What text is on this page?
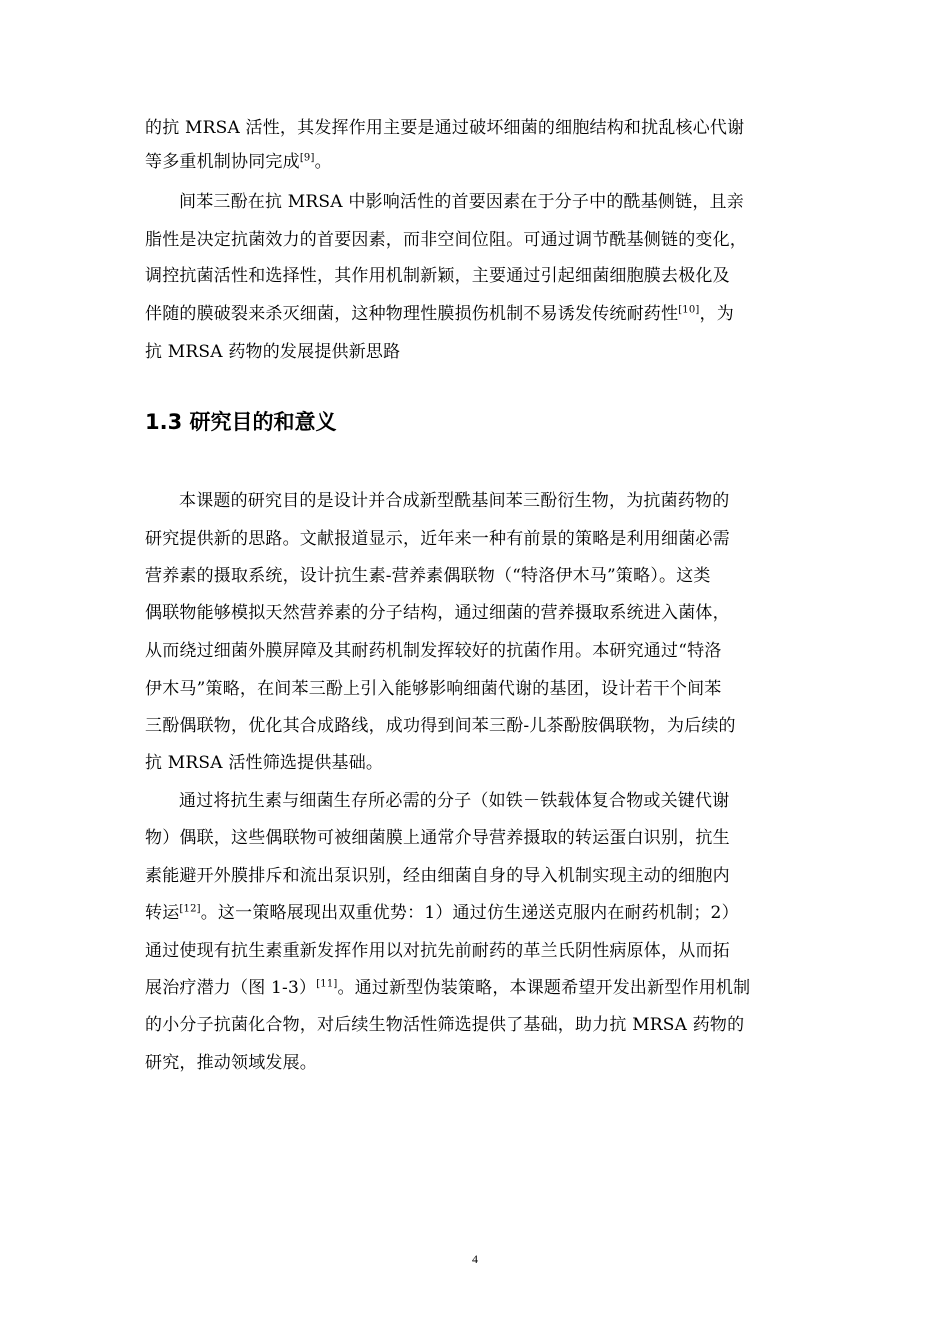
的抗 MRSA 活性，其发挥作用主要是通过破坏细菌的细胞结构和扰乱核心代谢
等多重机制协同完成[9]。
间苯三酚在抗 MRSA 中影响活性的首要因素在于分子中的酰基侧链，且亲
脂性是决定抗菌效力的首要因素，而非空间位阻。可通过调节酰基侧链的变化，
调控抗菌活性和选择性，其作用机制新颖，主要通过引起细菌细胞膜去极化及
伴随的膜破裂来杀灭细菌，这种物理性膜损伤机制不易诱发传统耐药性[10]，为
抗 MRSA 药物的发展提供新思路
1.3 研究目的和意义
本课题的研究目的是设计并合成新型酰基间苯三酚衍生物，为抗菌药物的
研究提供新的思路。文献报道显示，近年来一种有前景的策略是利用细菌必需
营养素的摄取系统，设计抗生素-营养素偶联物（“特洛伊木马”策略）。这类
偶联物能够模拟天然营养素的分子结构，通过细菌的营养摄取系统进入菌体，
从而绕过细菌外膜屏障及其耐药机制发挥较好的抗菌作用。本研究通过“特洛
伊木马”策略，在间苯三酚上引入能够影响细菌代谢的基团，设计若干个间苯
三酚偶联物，优化其合成路线，成功得到间苯三酚-儿茶酚胺偶联物，为后续的
抗 MRSA 活性筛选提供基础。
通过将抗生素与细菌生存所必需的分子（如铁－铁载体复合物或关键代谢
物）偶联，这些偶联物可被细菌膜上通常介导营养摄取的转运蛋白识别，抗生
素能避开外膜排斥和流出泵识别，经由细菌自身的导入机制实现主动的细胞内
转运[12]。这一策略展现出双重优势：1）通过仿生递送克服内在耐药机制；2）
通过使现有抗生素重新发挥作用以对抗先前耐药的革兰氏阴性病原体，从而拓
展治疗潜力（图 1-3）[11]。通过新型伪装策略，本课题希望开发出新型作用机制
的小分子抗菌化合物，对后续生物活性筛选提供了基础，助力抗 MRSA 药物的
研究，推动领域发展。
4
